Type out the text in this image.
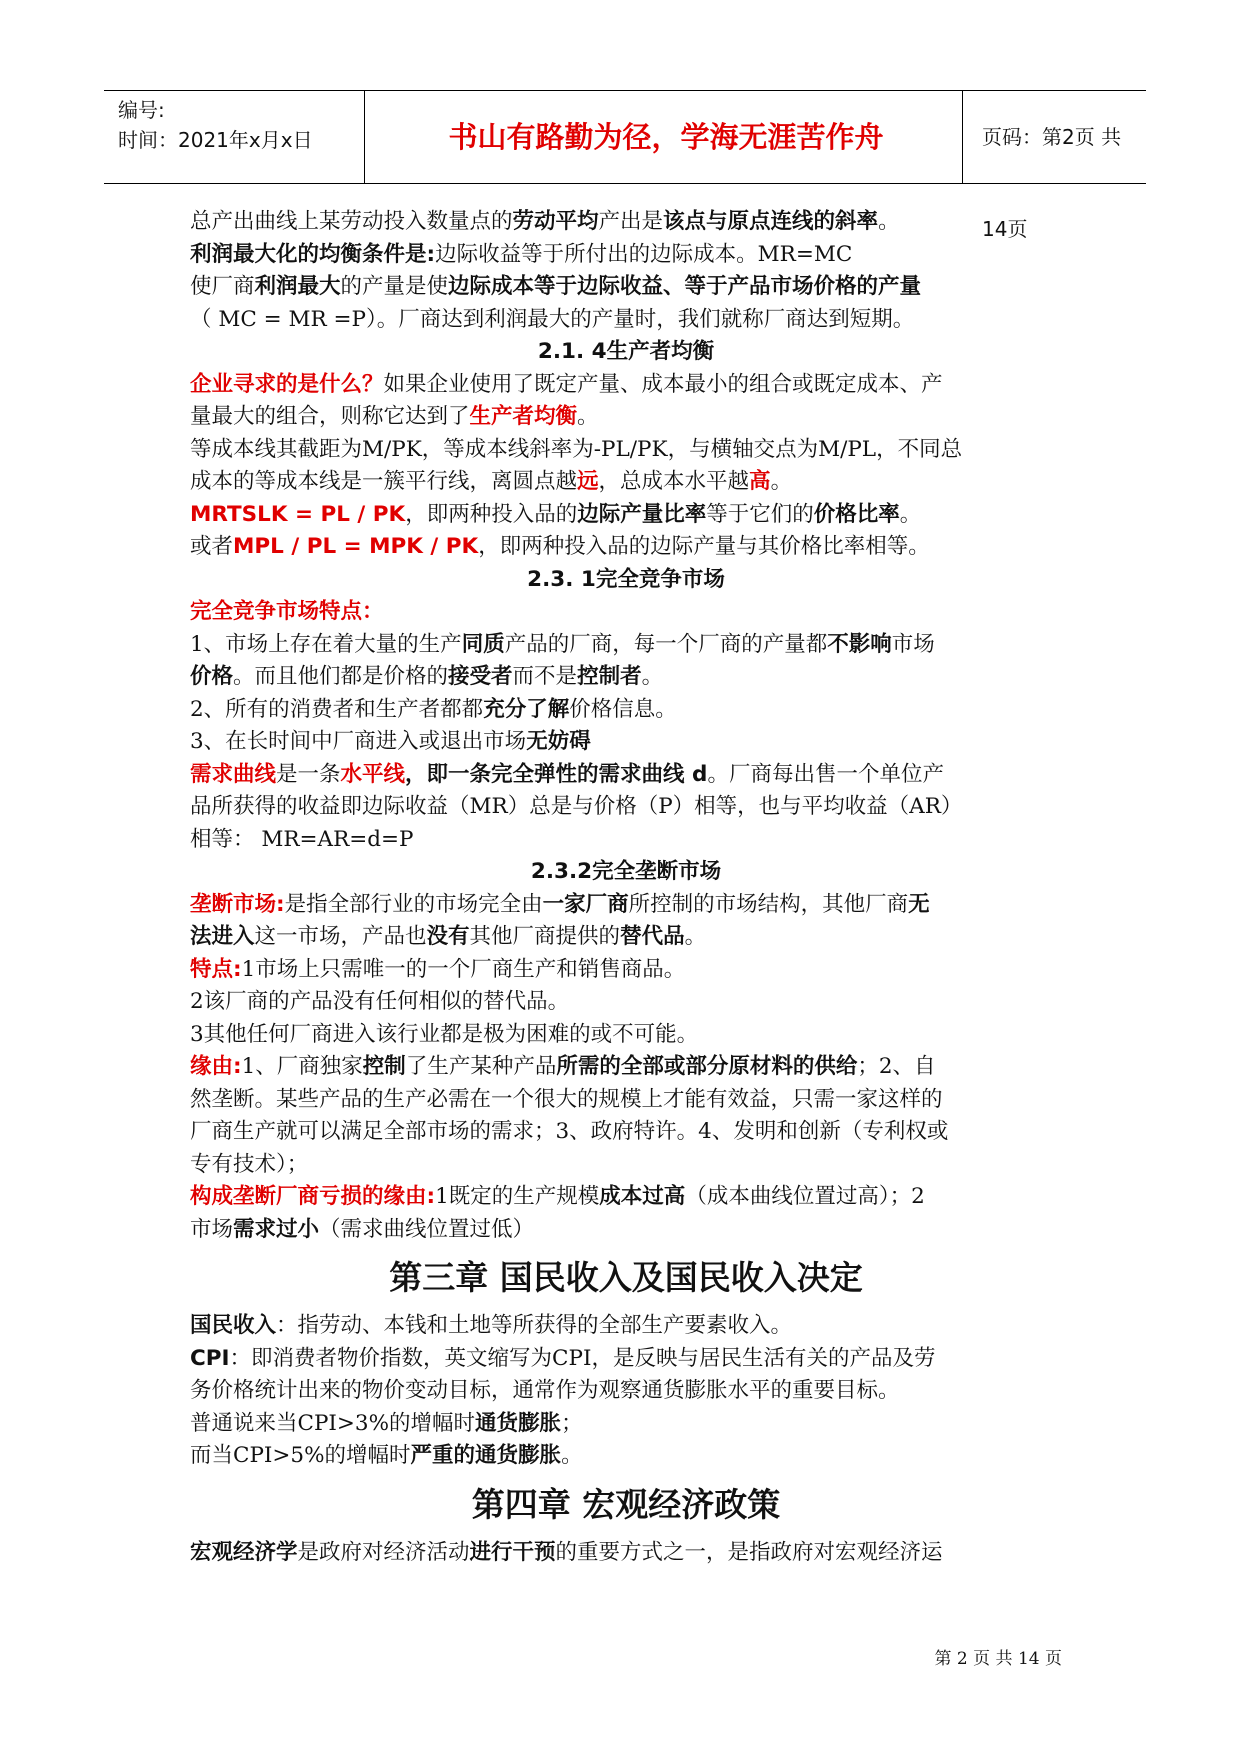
编号:
时间：2021年x月x日	书山有路勤为径，学海无涯苦作舟	页码：第2页 共14页

总产出曲线上某劳动投入数量点的劳动平均产出是该点与原点连线的斜率。

利润最大化的均衡条件是:边际收益等于所付出的边际成本。MR=MC

使厂商利润最大的产量是使边际成本等于边际收益、等于产品市场价格的产量

（ MC = MR =P）。厂商达到利润最大的产量时，我们就称厂商达到短期。

2.1. 4生产者均衡

企业寻求的是什么？如果企业使用了既定产量、成本最小的组合或既定成本、产

量最大的组合，则称它达到了生产者均衡。

等成本线其截距为M/PK，等成本线斜率为-PL/PK，与横轴交点为M/PL，不同总

成本的等成本线是一簇平行线，离圆点越远，总成本水平越高。

MRTSLK = PL / PK，即两种投入品的边际产量比率等于它们的价格比率。

或者MPL / PL = MPK / PK，即两种投入品的边际产量与其价格比率相等。

2.3. 1完全竞争市场

完全竞争市场特点：

1、市场上存在着大量的生产同质产品的厂商，每一个厂商的产量都不影响市场

价格。而且他们都是价格的接受者而不是控制者。

2、所有的消费者和生产者都都充分了解价格信息。

3、在长时间中厂商进入或退出市场无妨碍

需求曲线是一条水平线，即一条完全弹性的需求曲线 d。厂商每出售一个单位产

品所获得的收益即边际收益（MR）总是与价格（P）相等，也与平均收益（AR）

相等： MR=AR=d=P

2.3.2完全垄断市场

垄断市场:是指全部行业的市场完全由一家厂商所控制的市场结构，其他厂商无

法进入这一市场，产品也没有其他厂商提供的替代品。

特点:1市场上只需唯一的一个厂商生产和销售商品。

2该厂商的产品没有任何相似的替代品。

3其他任何厂商进入该行业都是极为困难的或不可能。

缘由:1、厂商独家控制了生产某种产品所需的全部或部分原材料的供给；2、自

然垄断。某些产品的生产必需在一个很大的规模上才能有效益，只需一家这样的

厂商生产就可以满足全部市场的需求；3、政府特许。4、发明和创新（专利权或

专有技术）；

构成垄断厂商亏损的缘由:1既定的生产规模成本过高（成本曲线位置过高）；2

市场需求过小（需求曲线位置过低）

第三章 国民收入及国民收入决定

国民收入：指劳动、本钱和土地等所获得的全部生产要素收入。

CPI：即消费者物价指数，英文缩写为CPI，是反映与居民生活有关的产品及劳

务价格统计出来的物价变动目标，通常作为观察通货膨胀水平的重要目标。

普通说来当CPI>3%的增幅时通货膨胀；

而当CPI>5%的增幅时严重的通货膨胀。

第四章 宏观经济政策

宏观经济学是政府对经济活动进行干预的重要方式之一，是指政府对宏观经济运

第 2 页 共 14 页
